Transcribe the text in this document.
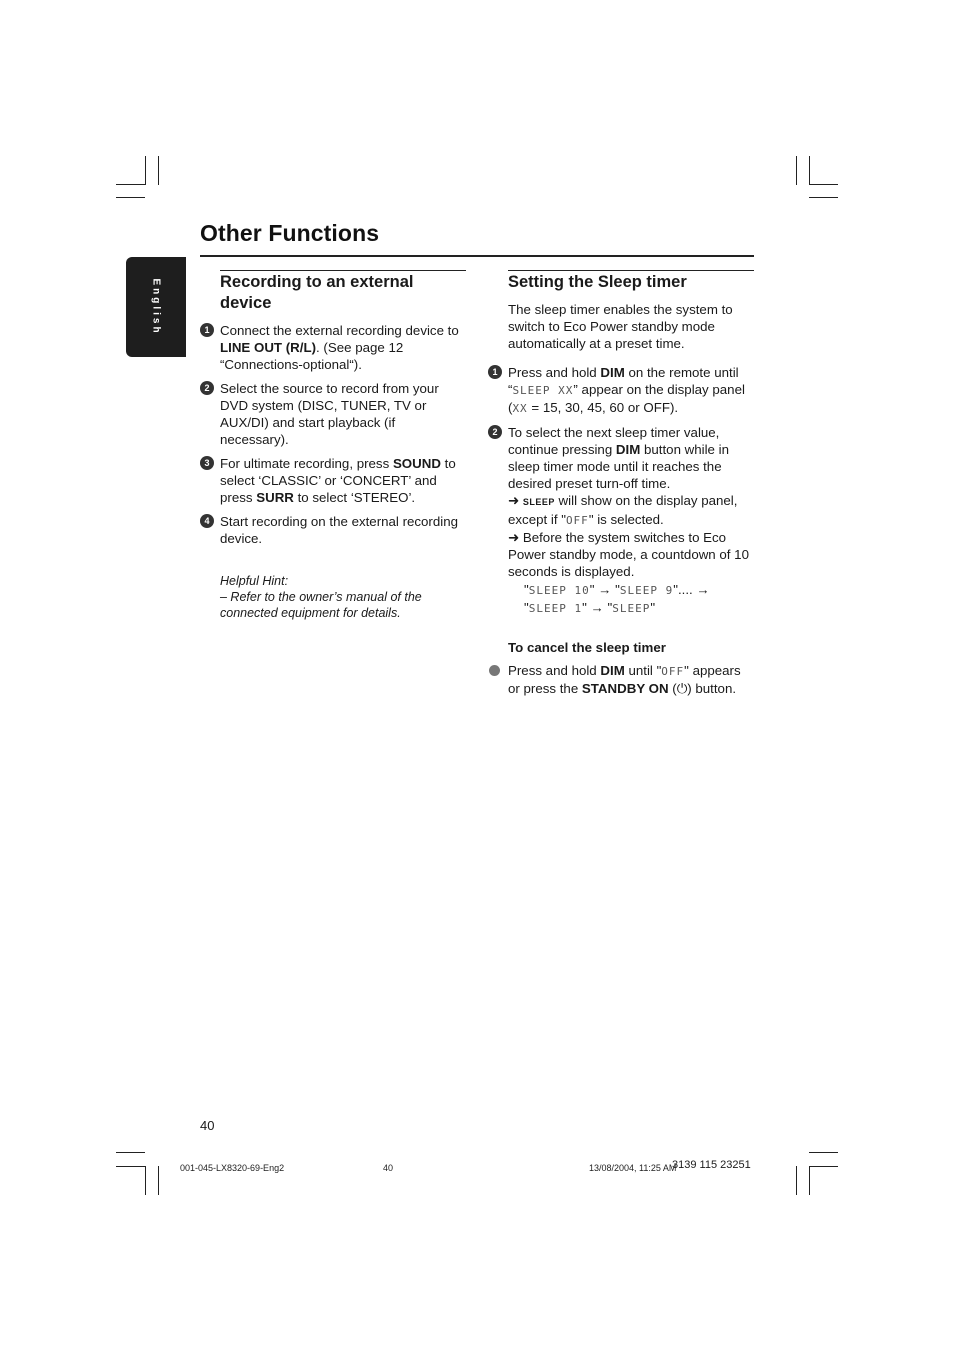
Other Functions
English	Recording to an external device
1 Connect the external recording device to LINE OUT (R/L). (See page 12 “Connections-optional“).
2 Select the source to record from your DVD system (DISC, TUNER, TV or AUX/DI) and start playback (if necessary).
3 For ultimate recording, press SOUND to select ‘CLASSIC’ or ‘CONCERT’ and press SURR to select ‘STEREO’.
4 Start recording on the external recording device.
Helpful Hint:
– Refer to the owner’s manual of the connected equipment for details.
Setting the Sleep timer
The sleep timer enables the system to switch to Eco Power standby mode automatically at a preset time.
1 Press and hold DIM on the remote until “SLEEP XX” appear on the display panel (XX = 15, 30, 45, 60 or OFF).
2 To select the next sleep timer value, continue pressing DIM button while in sleep timer mode until it reaches the desired preset turn-off time.
➜ SLEEP will show on the display panel, except if "OFF" is selected.
➜ Before the system switches to Eco Power standby mode, a countdown of 10 seconds is displayed.
"SLEEP 10" → "SLEEP 9".... →
"SLEEP 1" → "SLEEP"
To cancel the sleep timer
Press and hold DIM until "OFF" appears or press the STANDBY ON (⏻) button.
40
001-045-LX8320-69-Eng2	40	13/08/2004, 11:25 AM
3139 115 23251
